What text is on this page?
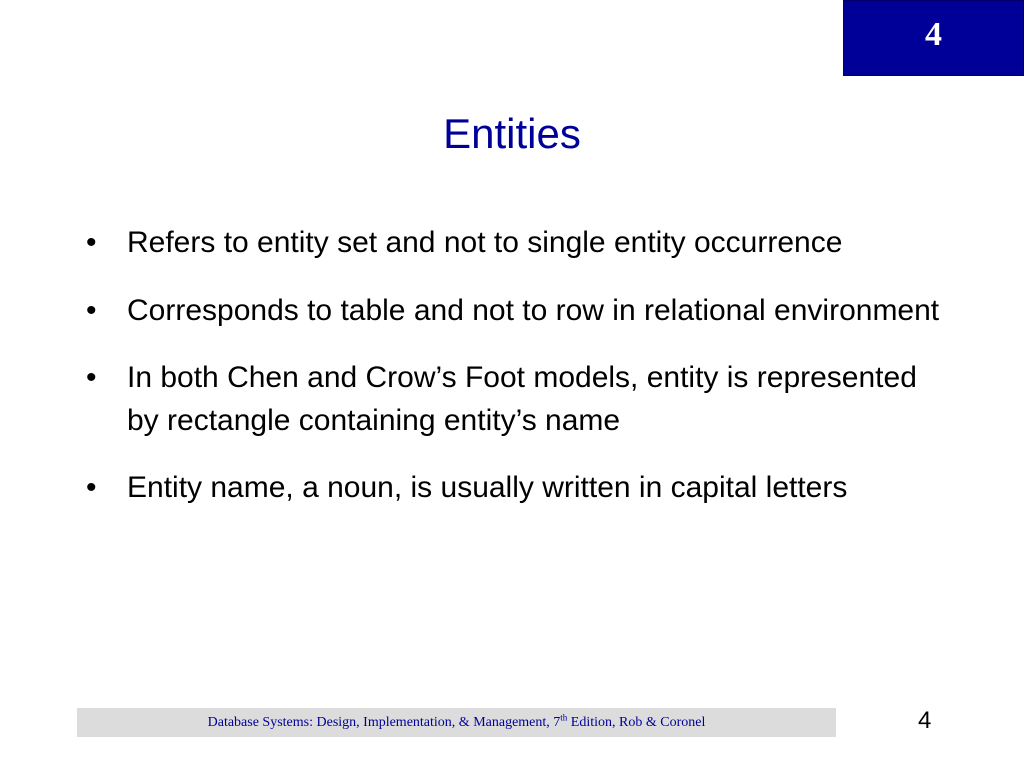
4
Entities
• Refers to entity set and not to single entity occurrence
• Corresponds to table and not to row in relational environment
• In both Chen and Crow’s Foot models, entity is represented by rectangle containing entity’s name
• Entity name, a noun, is usually written in capital letters
Database Systems: Design, Implementation, & Management, 7th Edition, Rob & Coronel	4
